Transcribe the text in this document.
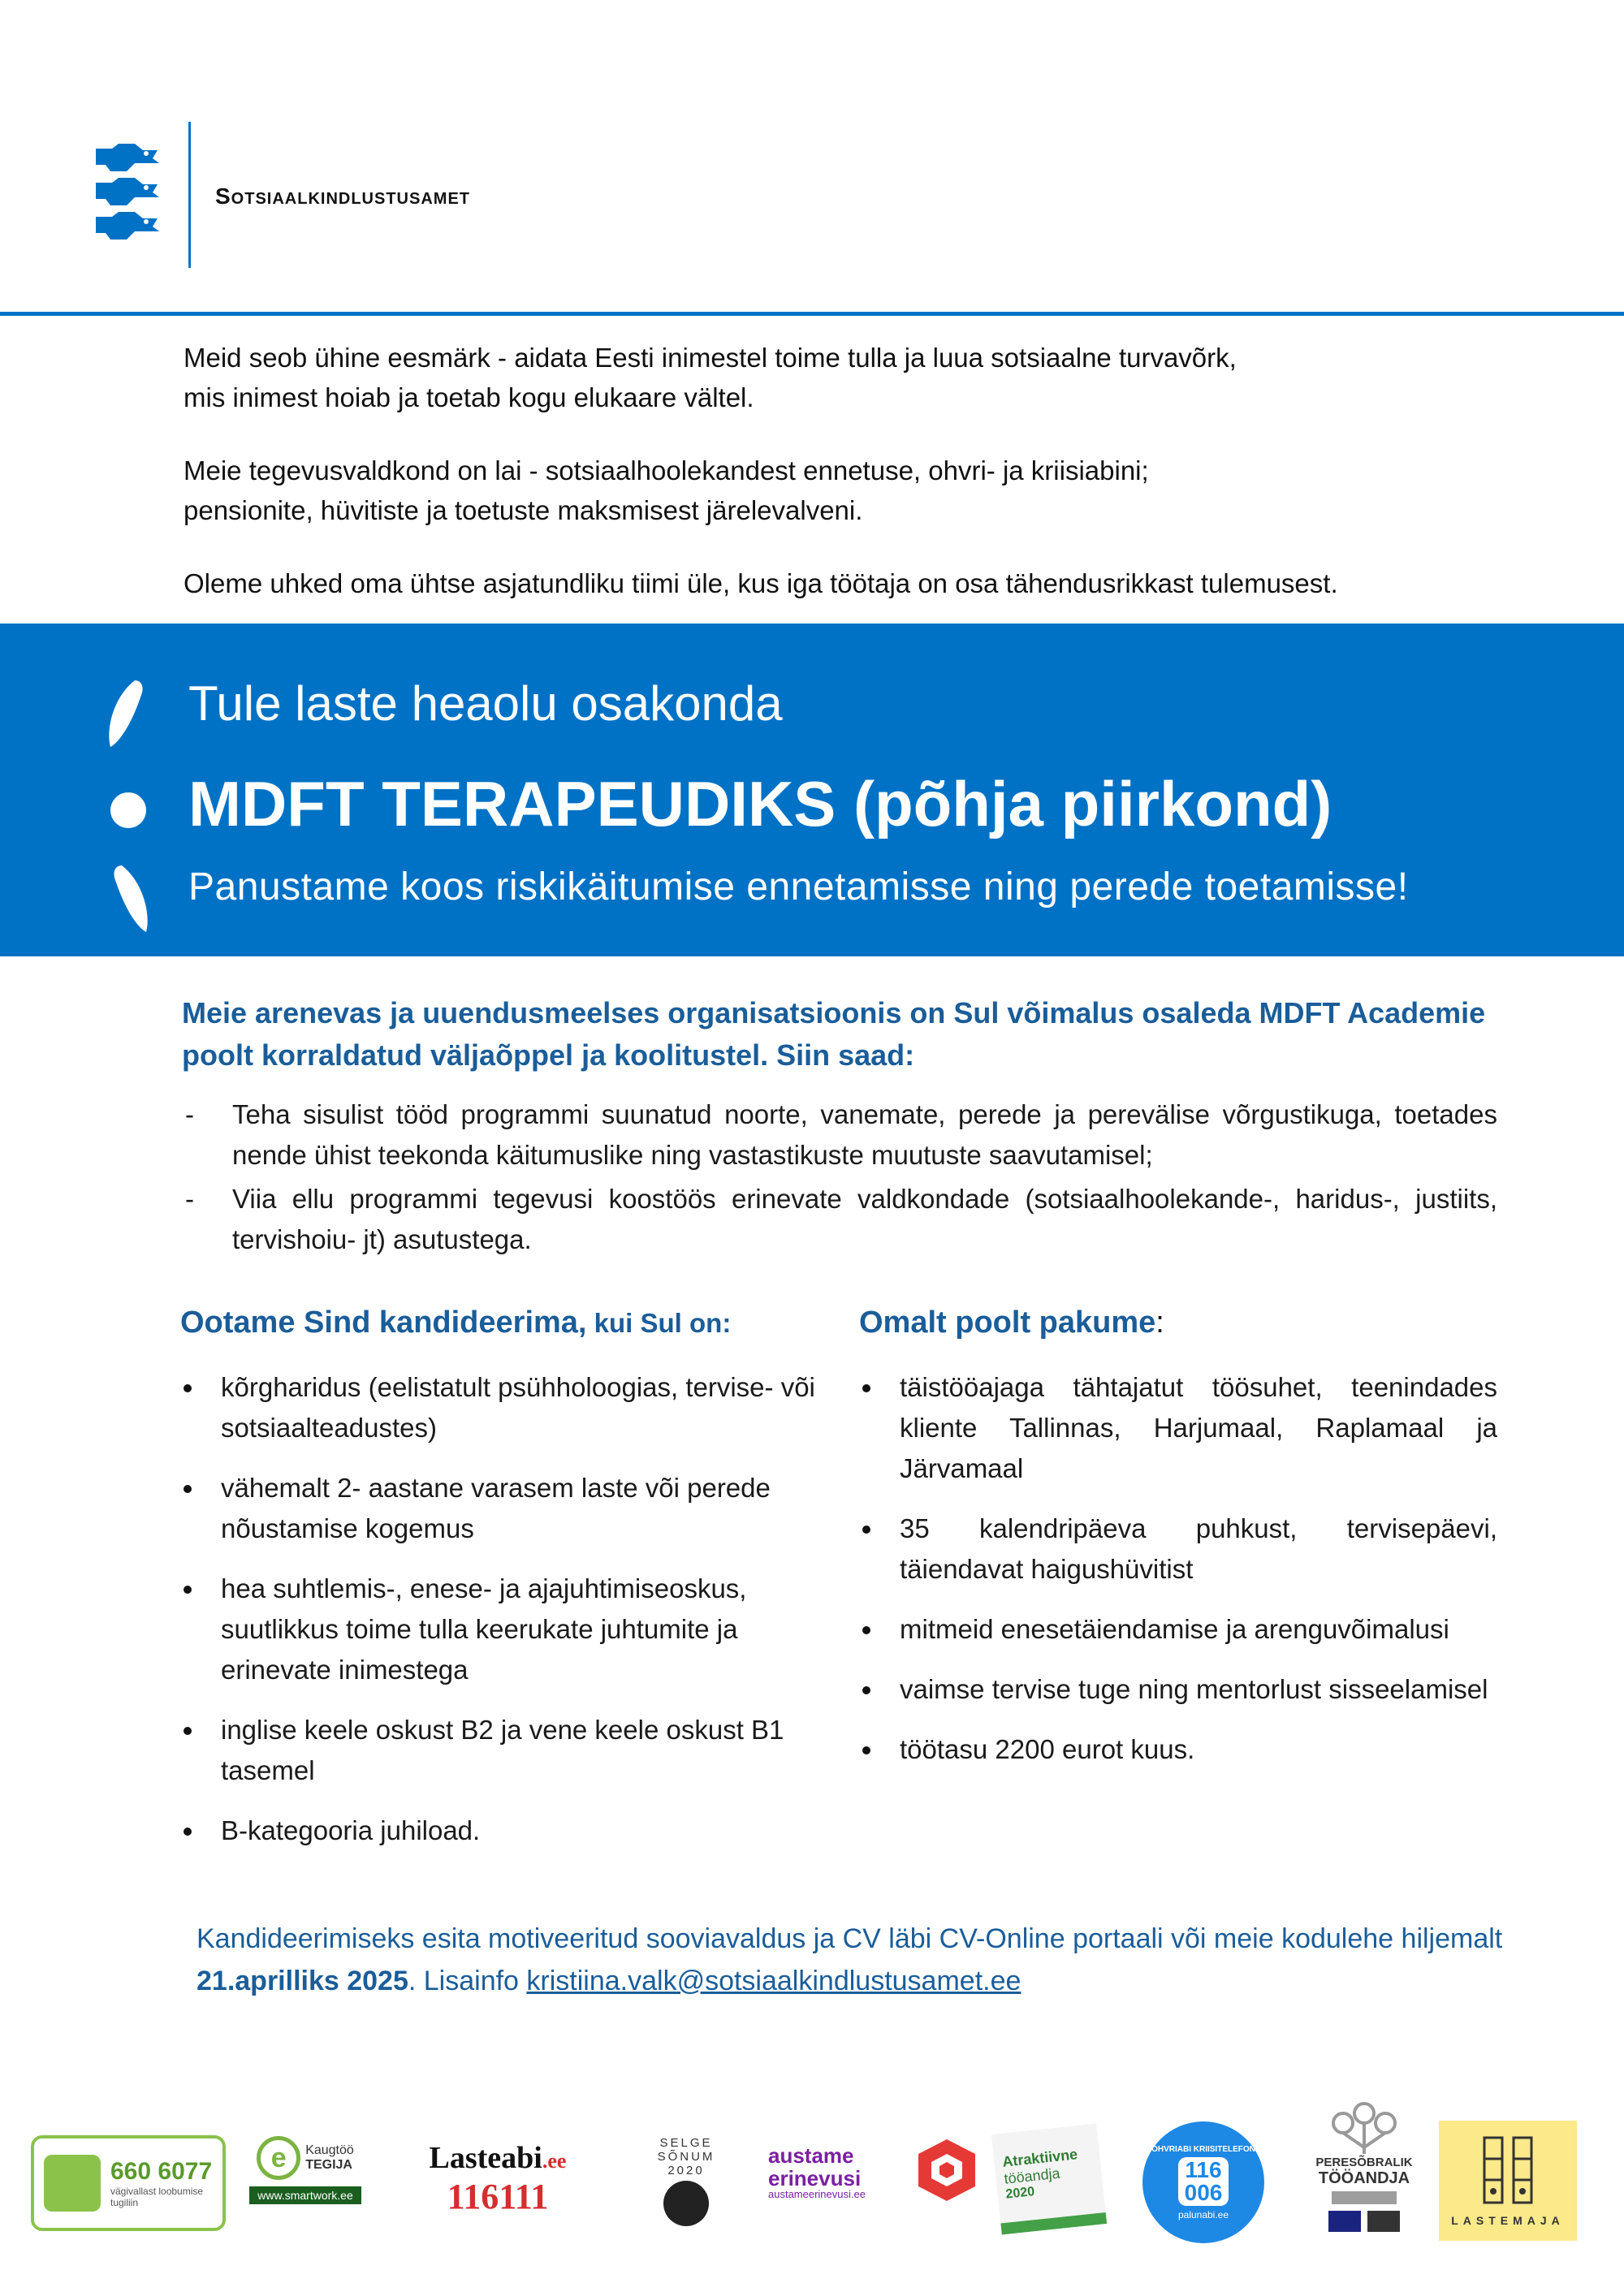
Sotsiaalkindlustusamet

Meid seob ühine eesmärk - aidata Eesti inimestel toime tulla ja luua sotsiaalne turvavõrk,
mis inimest hoiab ja toetab kogu elukaare vältel.

Meie tegevusvaldkond on lai - sotsiaalhoolekandest ennetuse, ohvri- ja kriisiabini;
pensionite, hüvitiste ja toetuste maksmisest järelevalveni.

Oleme uhked oma ühtse asjatundliku tiimi üle, kus iga töötaja on osa tähendusrikkast tulemusest.

Tule laste heaolu osakonda
MDFT TERAPEUDIKS (põhja piirkond)
Panustame koos riskikäitumise ennetamisse ning perede toetamisse!
Meie arenevas ja uuendusmeelses organisatsioonis on Sul võimalus osaleda MDFT Academie poolt korraldatud väljaõppel ja koolitustel. Siin saad:
- Teha sisulist tööd programmi suunatud noorte, vanemate, perede ja perevälise võrgustikuga, toetades nende ühist teekonda käitumuslike ning vastastikuste muutuste saavutamisel;
- Viia ellu programmi tegevusi koostöös erinevate valdkondade (sotsiaalhoolekande-, haridus-, justiits, tervishoiu- jt) asutustega.
Ootame Sind kandideerima, kui Sul on:	Omalt poolt pakume:
kõrgharidus (eelistatult psühholoogias, tervise- või sotsiaalteadustes)
vähemalt 2- aastane varasem laste või perede nõustamise kogemus
hea suhtlemis-, enese- ja ajajuhtimiseoskus, suutlikkus toime tulla keerukate juhtumite ja erinevate inimestega
inglise keele oskust B2 ja vene keele oskust B1 tasemel
B-kategooria juhiload.
täistööajaga tähtajatut töösuhet, teenindades kliente Tallinnas, Harjumaal, Raplamaal ja Järvamaal
35 kalendripäeva puhkust, tervisepäevi, täiendavat haigushüvitist
mitmeid enesetäiendamise ja arenguvõimalusi
vaimse tervise tuge ning mentorlust sisseelamisel
töötasu 2200 eurot kuus.
Kandideerimiseks esita motiveeritud sooviavaldus ja CV läbi CV-Online portaali või meie kodulehe hiljemalt 21.aprilliks 2025. Lisainfo kristiina.valk@sotsiaalkindlustusamet.ee
660 6077
vägivallast loobumise tugiliin
e	Kaugtöö
TEGIJA
www.smartwork.ee
Lasteabi.ee
116111
SELGE
SÕNUM
2020
austame
erinevusi
austameerinevusi.ee
Atraktiivne
tööandja
2020
OHVRIABI KRIISITELEFON
116
006
palunabi.ee
PERESÕBRALIK
TÖÖANDJA
LASTEMAJA
